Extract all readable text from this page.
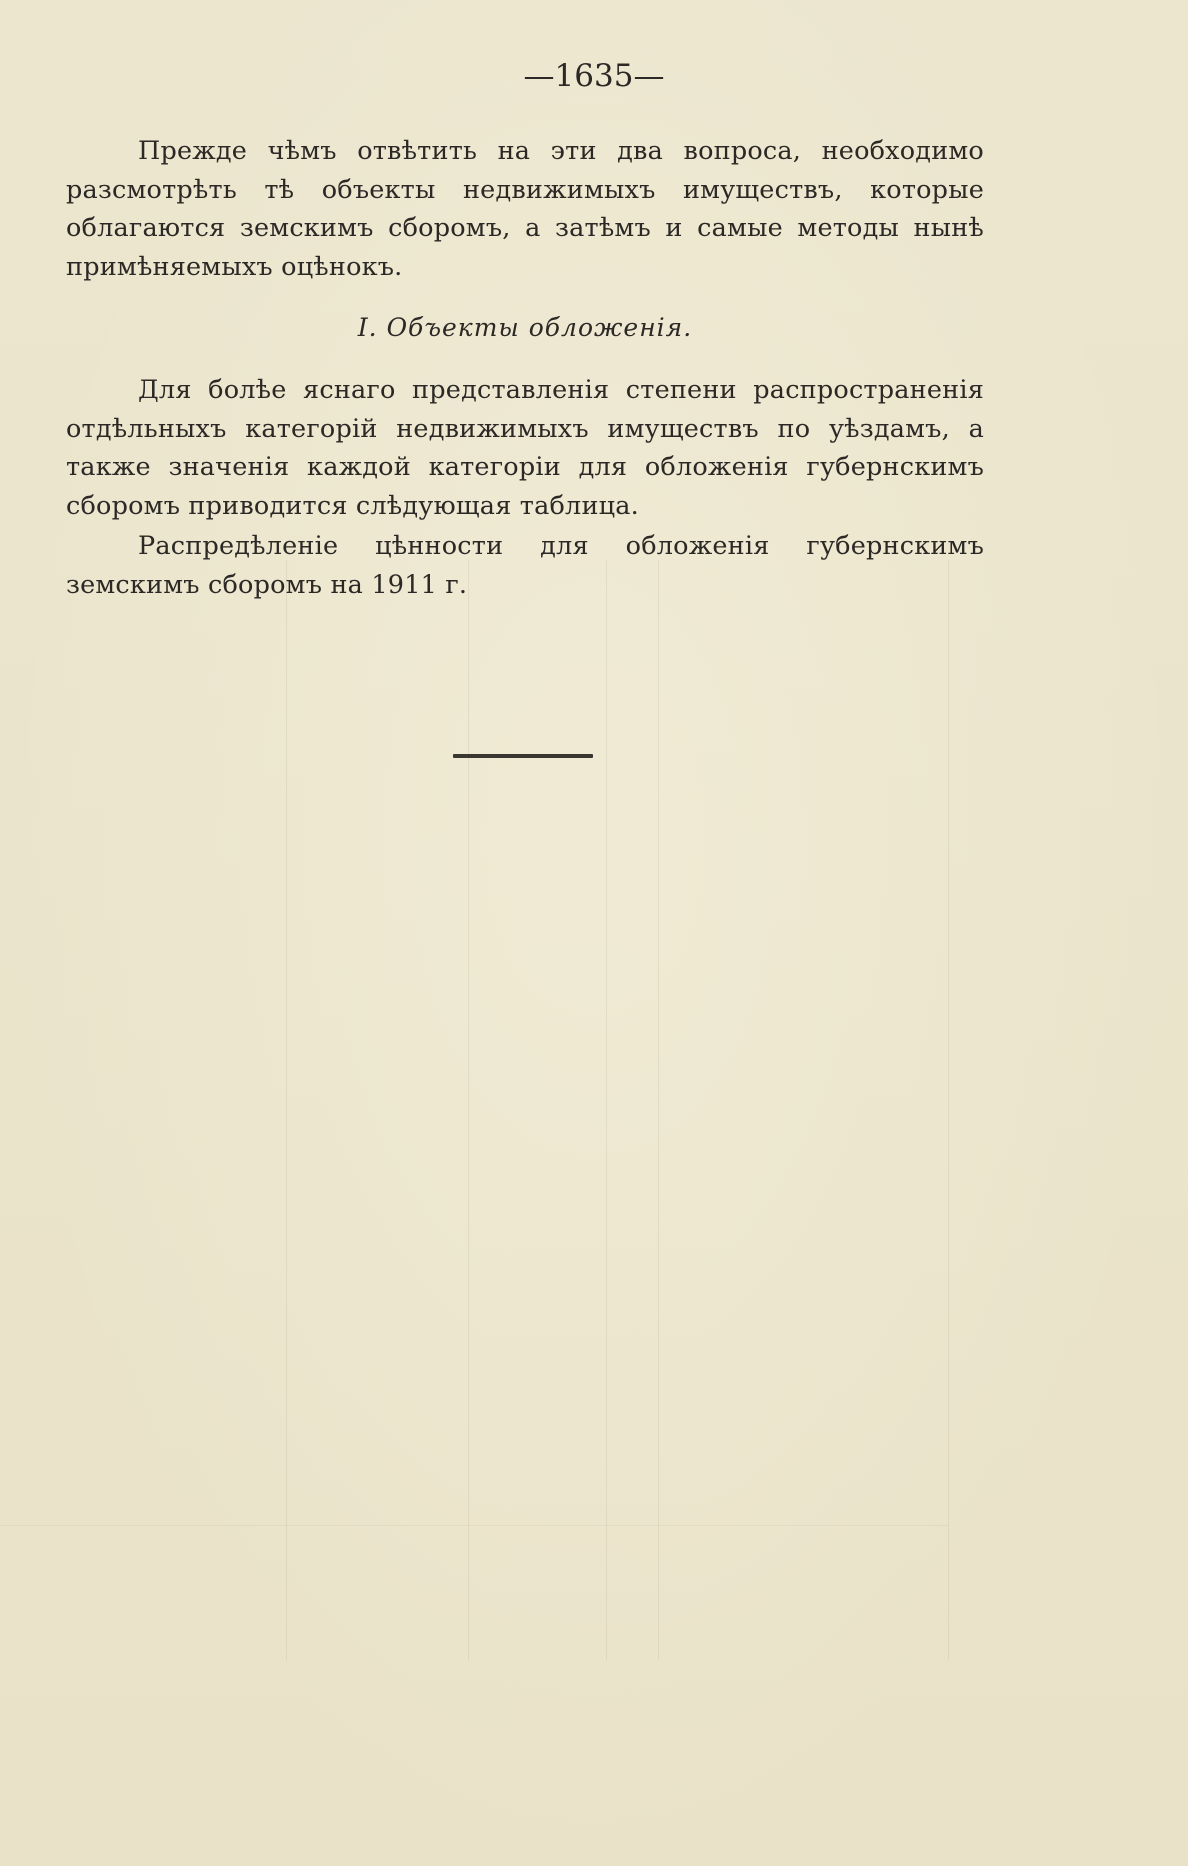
—1635—

Прежде чѣмъ отвѣтить на эти два вопроса, необходимо разсмотрѣть тѣ объекты недвижимыхъ имуществъ, которые облагаются земскимъ сборомъ, а затѣмъ и самые методы нынѣ примѣняемыхъ оцѣнокъ.

I. Объекты обложенія.

Для болѣе яснаго представленія степени распространенія отдѣльныхъ категорій недвижимыхъ имуществъ по уѣздамъ, а также значенія каждой категоріи для обложенія губернскимъ сборомъ приводится слѣдующая таблица.

Распредѣленіе цѣнности для обложенія губернскимъ земскимъ сборомъ на 1911 г.
